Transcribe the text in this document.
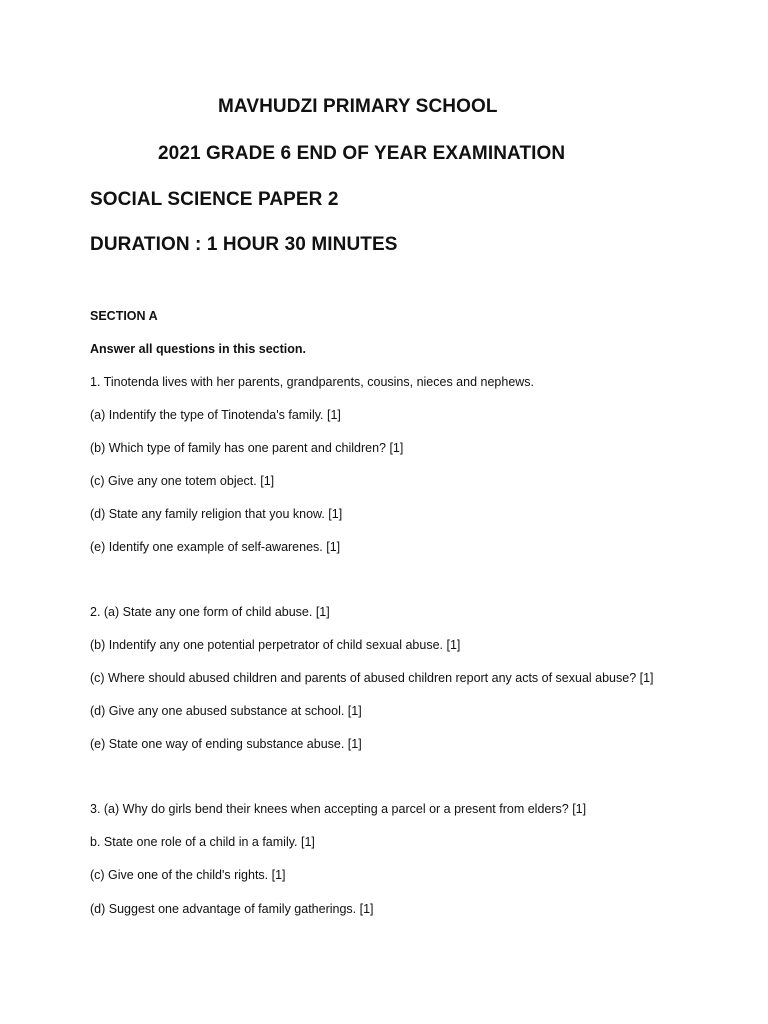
MAVHUDZI PRIMARY SCHOOL
2021 GRADE 6 END OF YEAR EXAMINATION
SOCIAL SCIENCE PAPER 2
DURATION : 1 HOUR 30 MINUTES
SECTION A
Answer all questions in this section.
1. Tinotenda lives with her parents, grandparents, cousins, nieces and nephews.
(a) Indentify the type of Tinotenda's family. [1]
(b) Which type of family has one parent and children? [1]
(c) Give any one totem object. [1]
(d) State any family religion that you know. [1]
(e) Identify one example of self-awarenes. [1]
2. (a) State any one form of child abuse. [1]
(b) Indentify any one potential perpetrator of child sexual abuse. [1]
(c) Where should abused children and parents of abused children report any acts of sexual abuse? [1]
(d) Give any one abused substance at school. [1]
(e) State one way of ending substance abuse. [1]
3. (a) Why do girls bend their knees when accepting a parcel or a present from elders? [1]
b. State one role of a child in a family. [1]
(c) Give one of the child's rights. [1]
(d) Suggest one advantage of family gatherings. [1]
